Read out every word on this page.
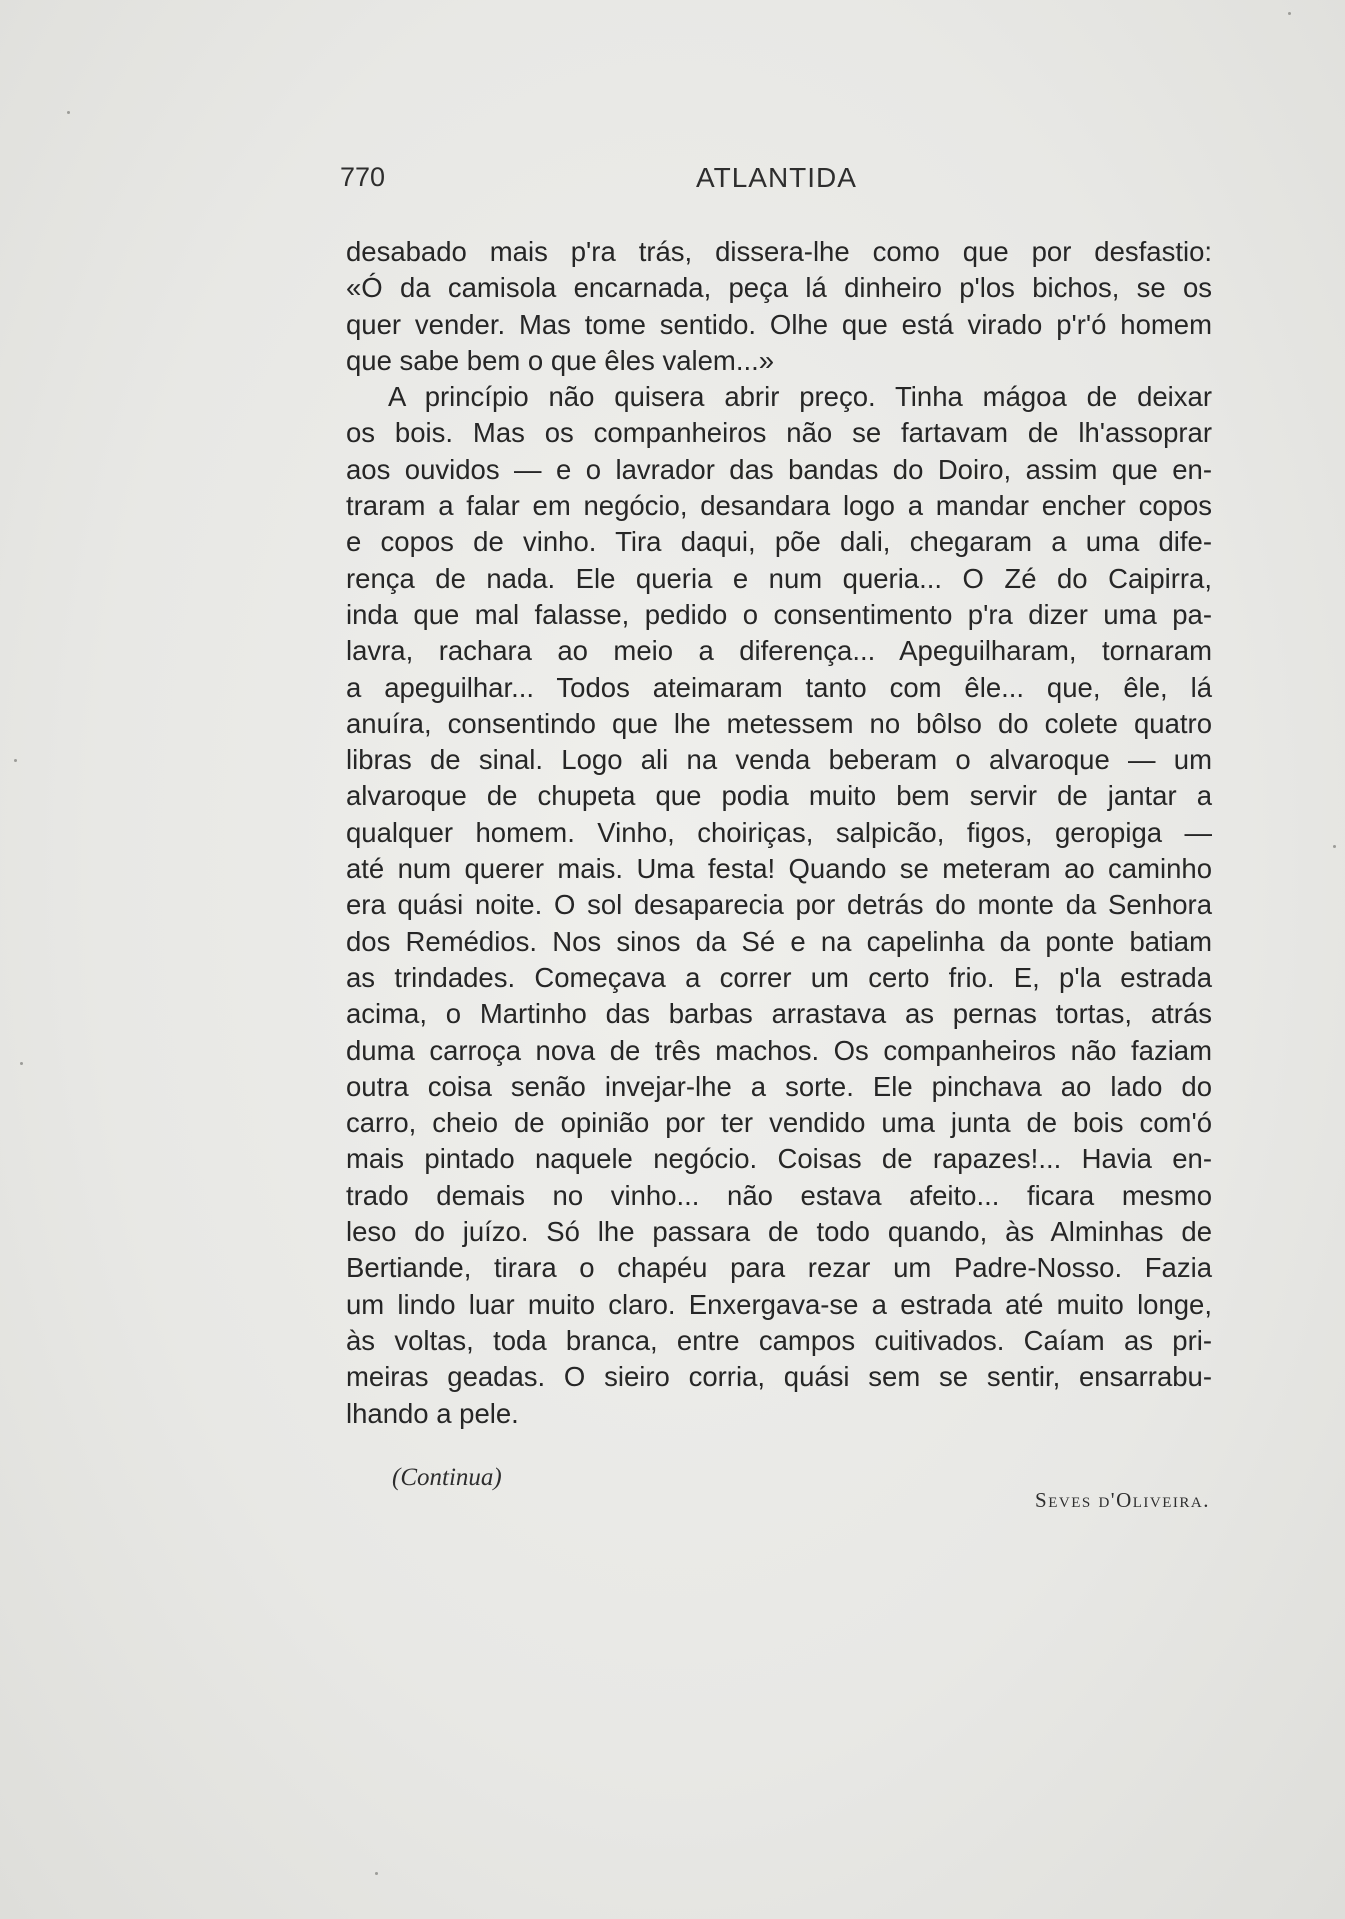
770	ATLANTIDA
desabado mais p'ra trás, dissera-lhe como que por desfastio:
«Ó da camisola encarnada, peça lá dinheiro p'los bichos, se os
quer vender. Mas tome sentido. Olhe que está virado p'r'ó homem
que sabe bem o que êles valem...»
A princípio não quisera abrir preço. Tinha mágoa de deixar
os bois. Mas os companheiros não se fartavam de lh'assoprar
aos ouvidos — e o lavrador das bandas do Doiro, assim que en-
traram a falar em negócio, desandara logo a mandar encher copos
e copos de vinho. Tira daqui, põe dali, chegaram a uma dife-
rença de nada. Ele queria e num queria... O Zé do Caipirra,
inda que mal falasse, pedido o consentimento p'ra dizer uma pa-
lavra, rachara ao meio a diferença... Apeguilharam, tornaram
a apeguilhar... Todos ateimaram tanto com êle... que, êle, lá
anuíra, consentindo que lhe metessem no bôlso do colete quatro
libras de sinal. Logo ali na venda beberam o alvaroque — um
alvaroque de chupeta que podia muito bem servir de jantar a
qualquer homem. Vinho, choiriças, salpicão, figos, geropiga —
até num querer mais. Uma festa! Quando se meteram ao caminho
era quási noite. O sol desaparecia por detrás do monte da Senhora
dos Remédios. Nos sinos da Sé e na capelinha da ponte batiam
as trindades. Começava a correr um certo frio. E, p'la estrada
acima, o Martinho das barbas arrastava as pernas tortas, atrás
duma carroça nova de três machos. Os companheiros não faziam
outra coisa senão invejar-lhe a sorte. Ele pinchava ao lado do
carro, cheio de opinião por ter vendido uma junta de bois com'ó
mais pintado naquele negócio. Coisas de rapazes!... Havia en-
trado demais no vinho... não estava afeito... ficara mesmo
leso do juízo. Só lhe passara de todo quando, às Alminhas de
Bertiande, tirara o chapéu para rezar um Padre-Nosso. Fazia
um lindo luar muito claro. Enxergava-se a estrada até muito longe,
às voltas, toda branca, entre campos cuitivados. Caíam as pri-
meiras geadas. O sieiro corria, quási sem se sentir, ensarrabu-
lhando a pele.
(Continua)
Seves d'Oliveira.
